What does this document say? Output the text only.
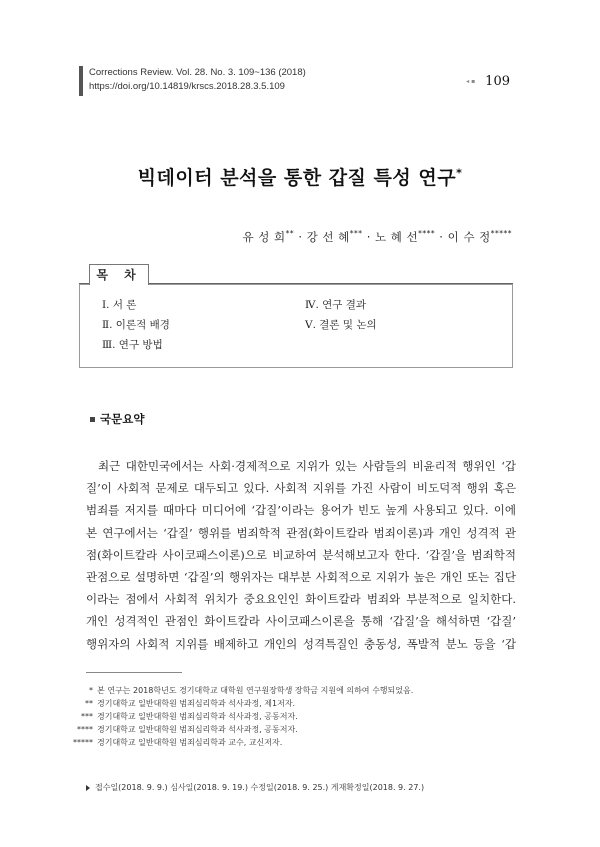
Corrections Review. Vol. 28. No. 3. 109~136 (2018)
https://doi.org/10.14819/krscs.2018.28.3.5.109	◂ ▪ 109
빅데이터 분석을 통한 갑질 특성 연구*
유 성 희** · 강 선 혜*** · 노 혜 선**** · 이 수 정*****
목 차
Ⅰ. 서 론
Ⅱ. 이론적 배경
Ⅲ. 연구 방법
Ⅳ. 연구 결과
Ⅴ. 결론 및 논의
국문요약
최근 대한민국에서는 사회·경제적으로 지위가 있는 사람들의 비윤리적 행위인 ‘갑
질’이 사회적 문제로 대두되고 있다. 사회적 지위를 가진 사람이 비도덕적 행위 혹은
범죄를 저지를 때마다 미디어에 ‘갑질’이라는 용어가 빈도 높게 사용되고 있다. 이에
본 연구에서는 ‘갑질’ 행위를 범죄학적 관점(화이트칼라 범죄이론)과 개인 성격적 관
점(화이트칼라 사이코패스이론)으로 비교하여 분석해보고자 한다. ‘갑질’을 범죄학적
관점으로 설명하면 ‘갑질’의 행위자는 대부분 사회적으로 지위가 높은 개인 또는 집단
이라는 점에서 사회적 위치가 중요요인인 화이트칼라 범죄와 부분적으로 일치한다.
개인 성격적인 관점인 화이트칼라 사이코패스이론을 통해 ‘갑질’을 해석하면 ‘갑질’
행위자의 사회적 지위를 배제하고 개인의 성격특질인 충동성, 폭발적 분노 등을 ‘갑
* 본 연구는 2018학년도 경기대학교 대학원 연구원장학생 장학금 지원에 의하여 수행되었음.
** 경기대학교 일반대학원 범죄심리학과 석사과정, 제1저자.
*** 경기대학교 일반대학원 범죄심리학과 석사과정, 공동저자.
**** 경기대학교 일반대학원 범죄심리학과 석사과정, 공동저자.
***** 경기대학교 일반대학원 범죄심리학과 교수, 교신저자.
접수일(2018. 9. 9.) 심사일(2018. 9. 19.) 수정일(2018. 9. 25.) 게재확정일(2018. 9. 27.)
